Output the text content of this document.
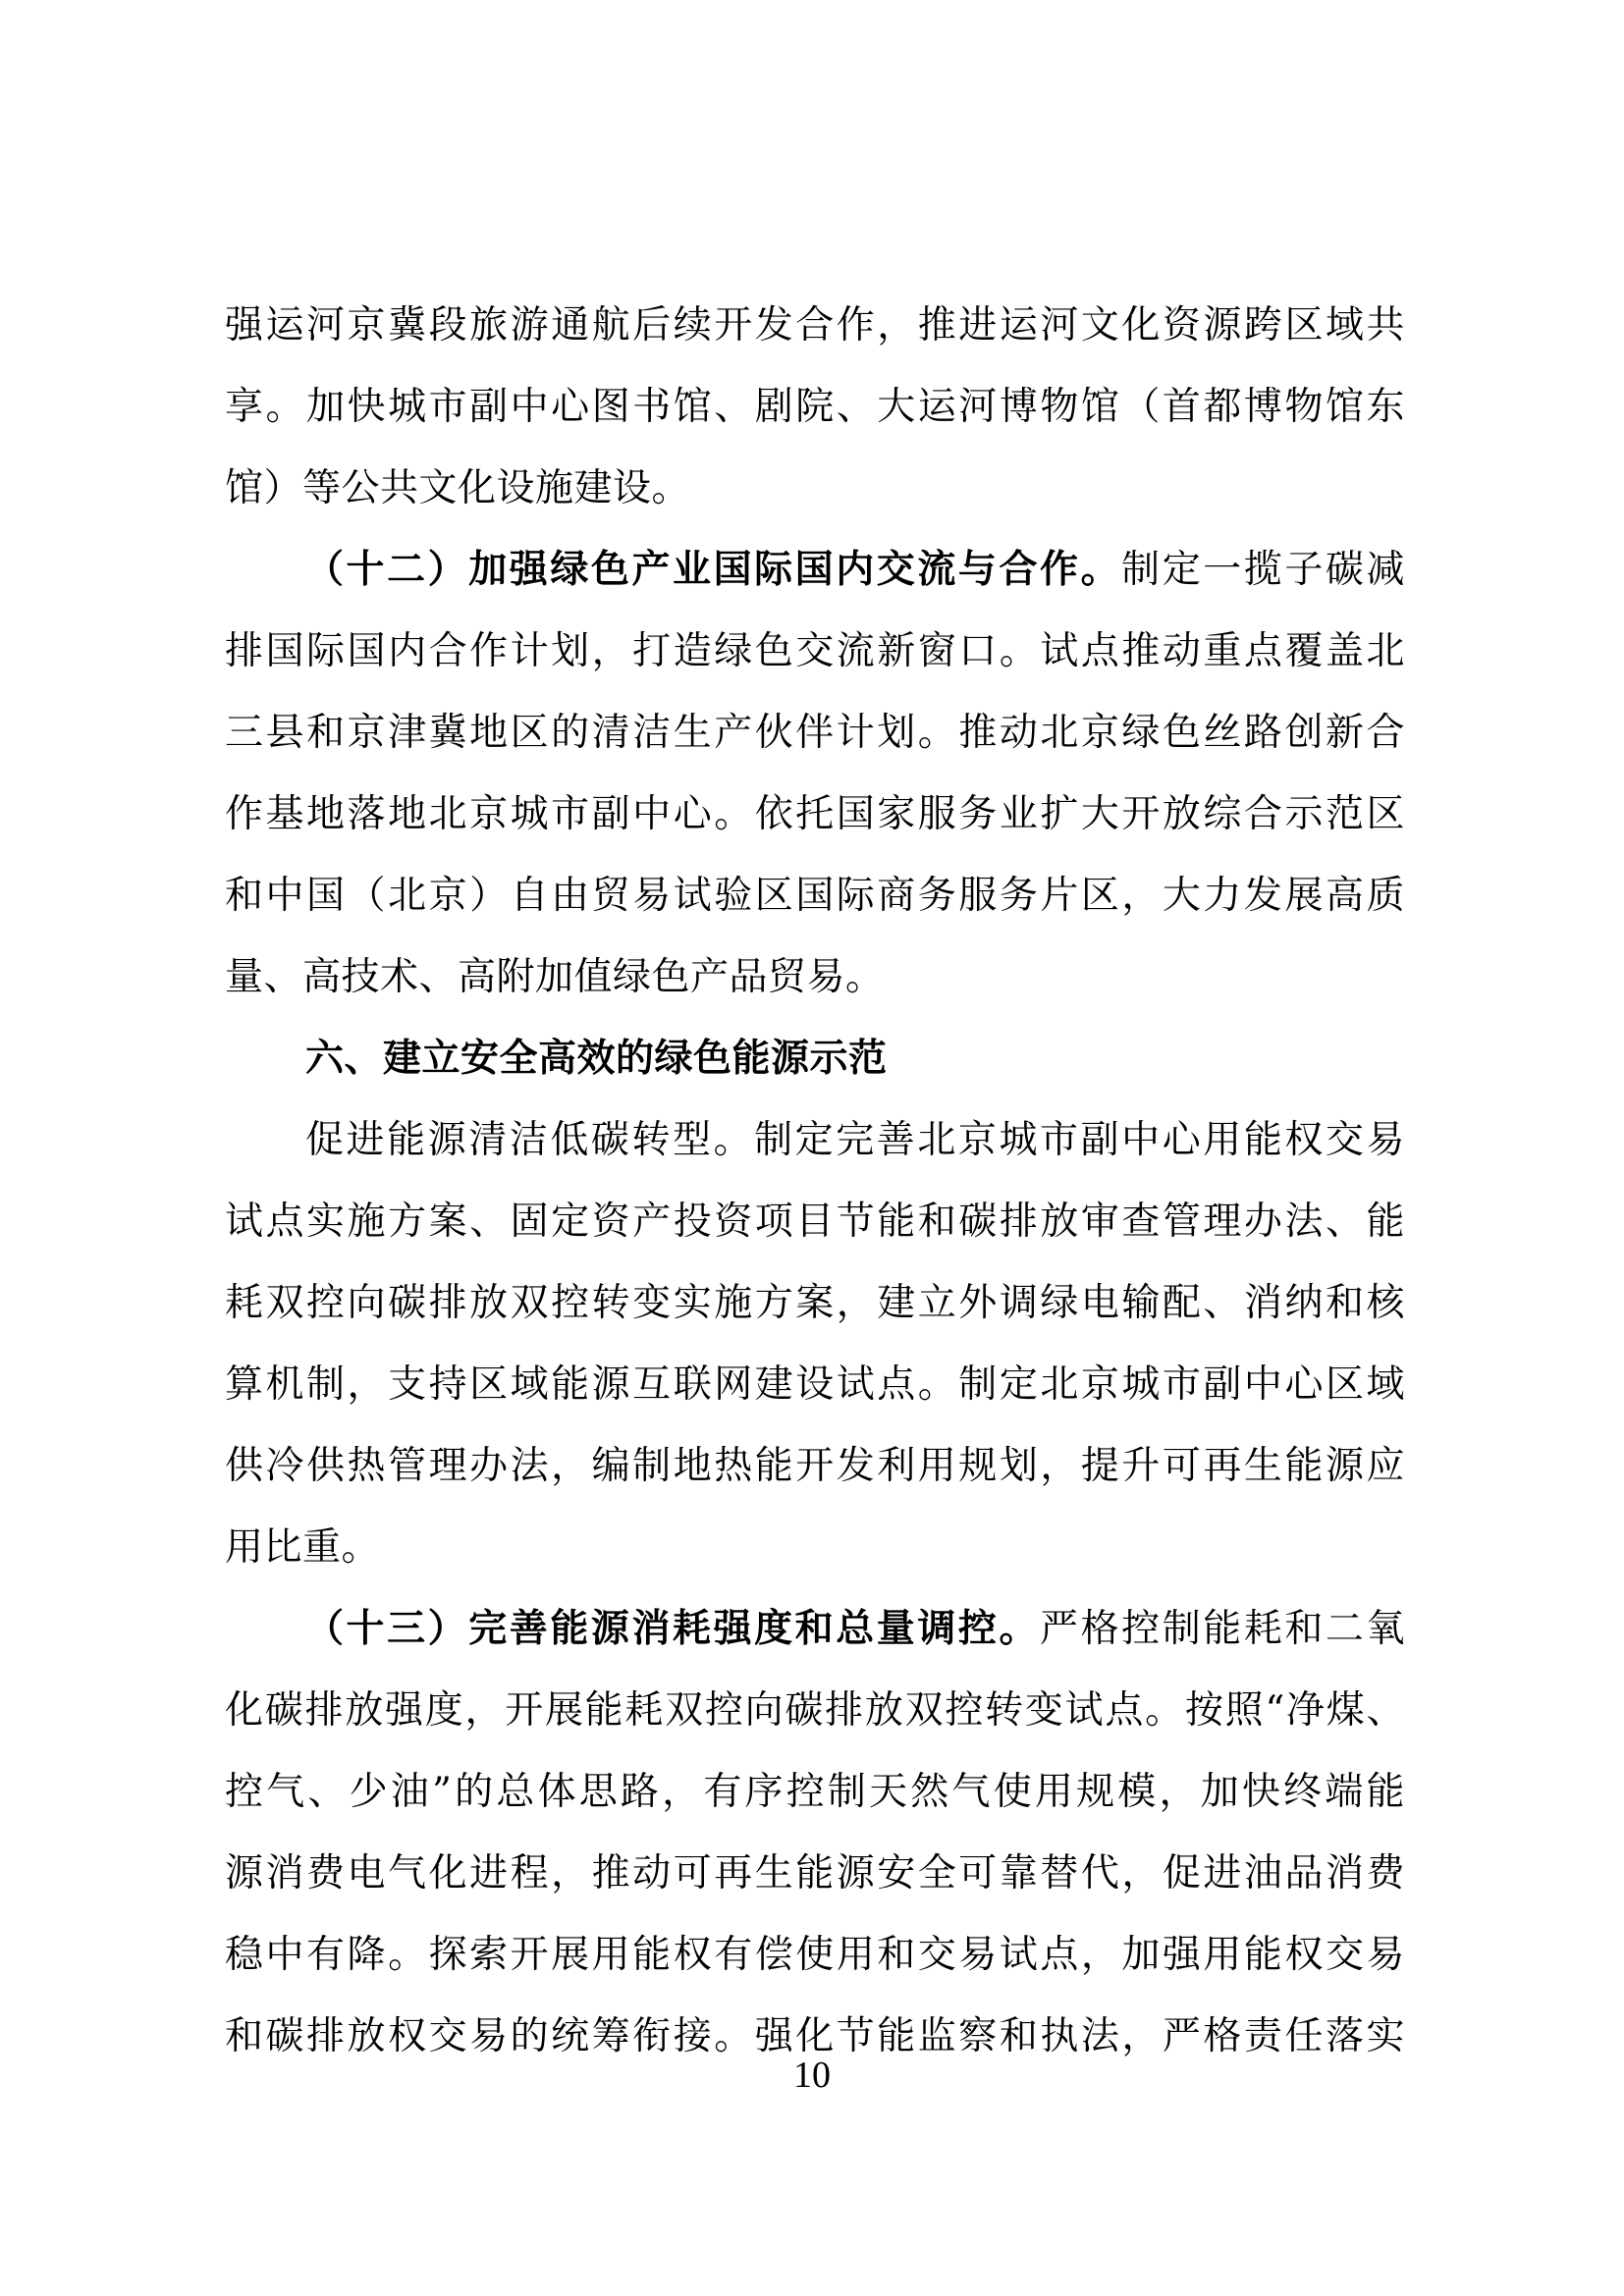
强运河京冀段旅游通航后续开发合作，推进运河文化资源跨区域共
享。加快城市副中心图书馆、剧院、大运河博物馆（首都博物馆东
馆）等公共文化设施建设。
（十二）加强绿色产业国际国内交流与合作。制定一揽子碳减
排国际国内合作计划，打造绿色交流新窗口。试点推动重点覆盖北
三县和京津冀地区的清洁生产伙伴计划。推动北京绿色丝路创新合
作基地落地北京城市副中心。依托国家服务业扩大开放综合示范区
和中国（北京）自由贸易试验区国际商务服务片区，大力发展高质
量、高技术、高附加值绿色产品贸易。
六、建立安全高效的绿色能源示范
促进能源清洁低碳转型。制定完善北京城市副中心用能权交易
试点实施方案、固定资产投资项目节能和碳排放审查管理办法、能
耗双控向碳排放双控转变实施方案，建立外调绿电输配、消纳和核
算机制，支持区域能源互联网建设试点。制定北京城市副中心区域
供冷供热管理办法，编制地热能开发利用规划，提升可再生能源应
用比重。
（十三）完善能源消耗强度和总量调控。严格控制能耗和二氧
化碳排放强度，开展能耗双控向碳排放双控转变试点。按照“净煤、
控气、少油”的总体思路，有序控制天然气使用规模，加快终端能
源消费电气化进程，推动可再生能源安全可靠替代，促进油品消费
稳中有降。探索开展用能权有偿使用和交易试点，加强用能权交易
和碳排放权交易的统筹衔接。强化节能监察和执法，严格责任落实
10
